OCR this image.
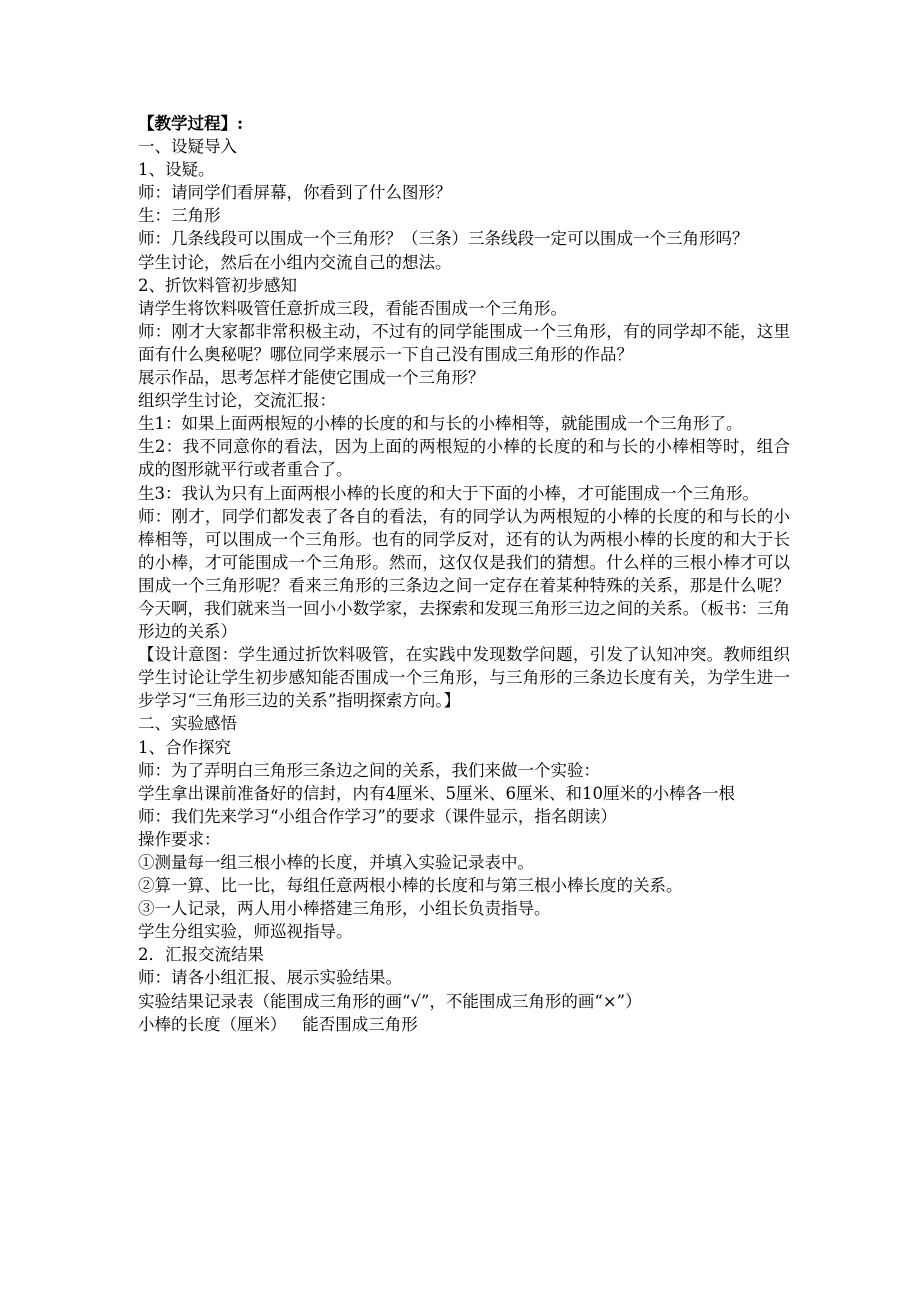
【教学过程】:

一、设疑导入

1、设疑。

师：请同学们看屏幕，你看到了什么图形？

生：三角形

师：几条线段可以围成一个三角形？（三条）三条线段一定可以围成一个三角形吗？

学生讨论，然后在小组内交流自己的想法。

2、折饮料管初步感知

请学生将饮料吸管任意折成三段，看能否围成一个三角形。

师：刚才大家都非常积极主动，不过有的同学能围成一个三角形，有的同学却不能，这里面有什么奥秘呢？哪位同学来展示一下自己没有围成三角形的作品？

展示作品，思考怎样才能使它围成一个三角形？

组织学生讨论，交流汇报：

生1：如果上面两根短的小棒的长度的和与长的小棒相等，就能围成一个三角形了。

生2：我不同意你的看法，因为上面的两根短的小棒的长度的和与长的小棒相等时，组合成的图形就平行或者重合了。

生3：我认为只有上面两根小棒的长度的和大于下面的小棒，才可能围成一个三角形。

师：刚才，同学们都发表了各自的看法，有的同学认为两根短的小棒的长度的和与长的小棒相等，可以围成一个三角形。也有的同学反对，还有的认为两根小棒的长度的和大于长的小棒，才可能围成一个三角形。然而，这仅仅是我们的猜想。什么样的三根小棒才可以围成一个三角形呢？看来三角形的三条边之间一定存在着某种特殊的关系，那是什么呢？今天啊，我们就来当一回小小数学家，去探索和发现三角形三边之间的关系。（板书：三角形边的关系）

【设计意图：学生通过折饮料吸管，在实践中发现数学问题，引发了认知冲突。教师组织学生讨论让学生初步感知能否围成一个三角形，与三角形的三条边长度有关，为学生进一步学习“三角形三边的关系”指明探索方向。】

二、实验感悟

1、合作探究

师：为了弄明白三角形三条边之间的关系，我们来做一个实验：

学生拿出课前准备好的信封，内有4厘米、5厘米、6厘米、和10厘米的小棒各一根

师：我们先来学习“小组合作学习”的要求（课件显示，指名朗读）

操作要求：

①测量每一组三根小棒的长度，并填入实验记录表中。

②算一算、比一比，每组任意两根小棒的长度和与第三根小棒长度的关系。

③一人记录，两人用小棒搭建三角形，小组长负责指导。

学生分组实验，师巡视指导。

2．汇报交流结果

师：请各小组汇报、展示实验结果。

实验结果记录表（能围成三角形的画“√”，不能围成三角形的画“×”）

小棒的长度（厘米）   能否围成三角形
